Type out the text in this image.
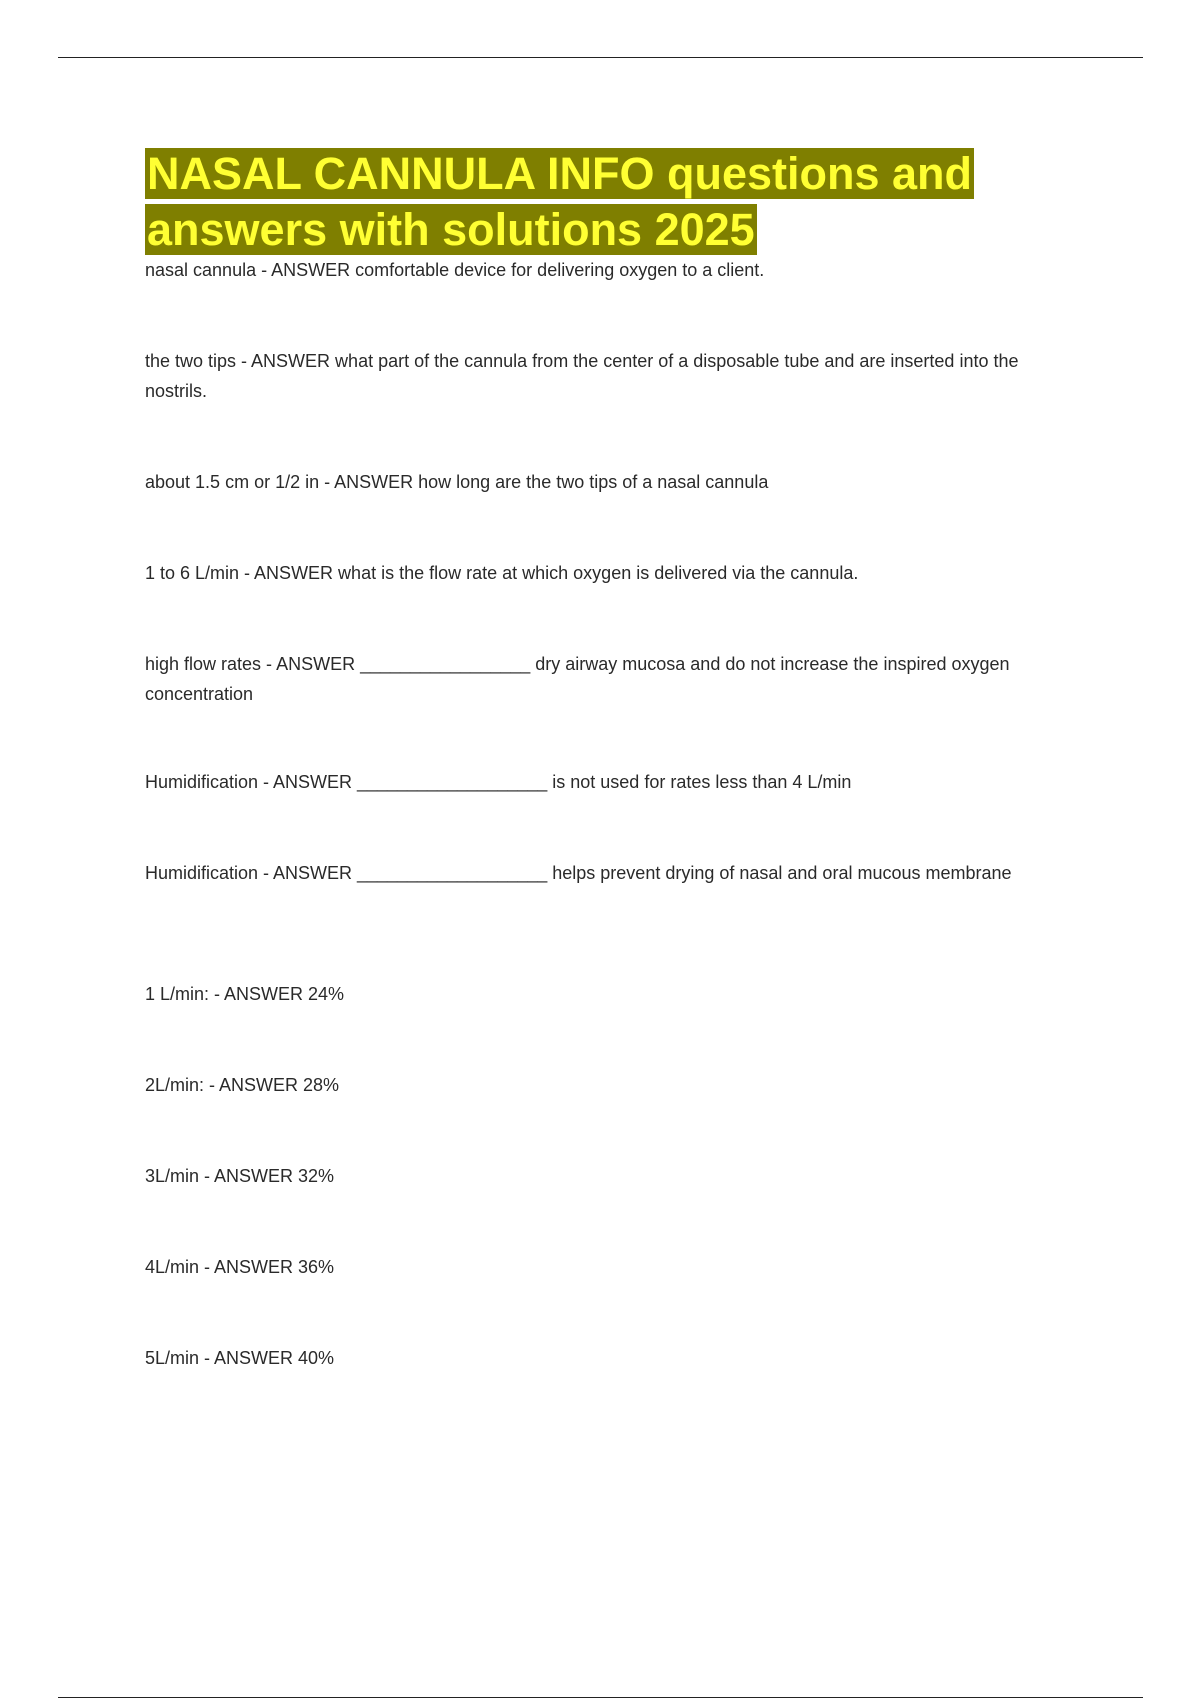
NASAL CANNULA INFO questions and answers with solutions 2025

nasal cannula - ANSWER comfortable device for delivering oxygen to a client.

the two tips - ANSWER what part of the cannula from the center of a disposable tube and are inserted into the nostrils.

about 1.5 cm or 1/2 in - ANSWER how long are the two tips of a nasal cannula

1 to 6 L/min - ANSWER what is the flow rate at which oxygen is delivered via the cannula.

high flow rates - ANSWER _________________ dry airway mucosa and do not increase the inspired oxygen concentration

Humidification - ANSWER ___________________ is not used for rates less than 4 L/min

Humidification - ANSWER ___________________ helps prevent drying of nasal and oral mucous membrane

1 L/min: - ANSWER 24%

2L/min: - ANSWER 28%

3L/min - ANSWER 32%

4L/min - ANSWER 36%

5L/min - ANSWER 40%
